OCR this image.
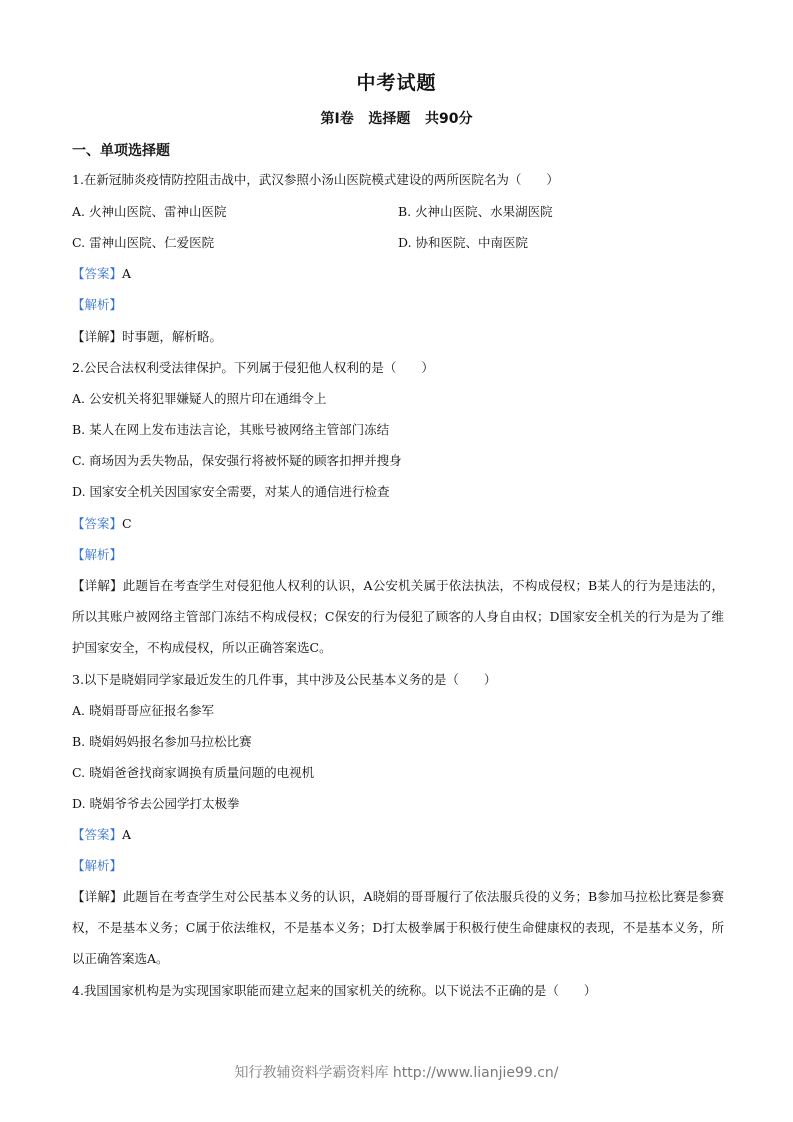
中考试题
第Ⅰ卷   选择题   共90分
一、单项选择题
1.在新冠肺炎疫情防控阻击战中，武汉参照小汤山医院模式建设的两所医院名为（　　）
A. 火神山医院、雷神山医院	B. 火神山医院、水果湖医院
C. 雷神山医院、仁爱医院	D. 协和医院、中南医院
【答案】A
【解析】
【详解】时事题，解析略。
2.公民合法权利受法律保护。下列属于侵犯他人权利的是（　　）
A. 公安机关将犯罪嫌疑人的照片印在通缉令上
B. 某人在网上发布违法言论，其账号被网络主管部门冻结
C. 商场因为丢失物品，保安强行将被怀疑的顾客扣押并搜身
D. 国家安全机关因国家安全需要，对某人的通信进行检查
【答案】C
【解析】
【详解】此题旨在考查学生对侵犯他人权利的认识，A公安机关属于依法执法，不构成侵权；B某人的行为是违法的，所以其账户被网络主管部门冻结不构成侵权；C保安的行为侵犯了顾客的人身自由权；D国家安全机关的行为是为了维护国家安全，不构成侵权，所以正确答案选C。
3.以下是晓娟同学家最近发生的几件事，其中涉及公民基本义务的是（　　）
A. 晓娟哥哥应征报名参军
B. 晓娟妈妈报名参加马拉松比赛
C. 晓娟爸爸找商家调换有质量问题的电视机
D. 晓娟爷爷去公园学打太极拳
【答案】A
【解析】
【详解】此题旨在考查学生对公民基本义务的认识，A晓娟的哥哥履行了依法服兵役的义务；B参加马拉松比赛是参赛权，不是基本义务；C属于依法维权，不是基本义务；D打太极拳属于积极行使生命健康权的表现，不是基本义务，所以正确答案选A。
4.我国国家机构是为实现国家职能而建立起来的国家机关的统称。以下说法不正确的是（　　）
知行教辅资料学霸资料库 http://www.lianjie99.cn/
